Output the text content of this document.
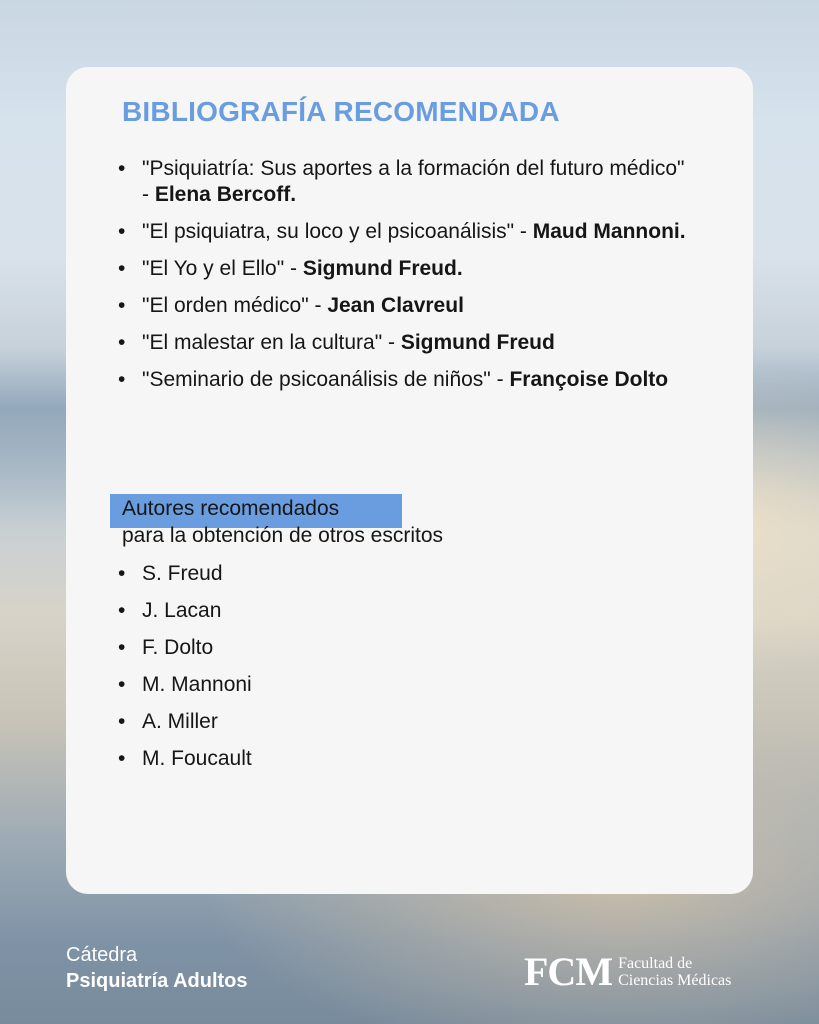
BIBLIOGRAFÍA RECOMENDADA
• "Psiquiatría: Sus aportes a la formación del futuro médico" - Elena Bercoff.
• "El psiquiatra, su loco y el psicoanálisis" - Maud Mannoni.
• "El Yo y el Ello" - Sigmund Freud.
• "El orden médico" - Jean Clavreul
• "El malestar en la cultura" - Sigmund Freud
• "Seminario de psicoanálisis de niños" - Françoise Dolto
Autores recomendados
para la obtención de otros escritos
• S. Freud
• J. Lacan
• F. Dolto
• M. Mannoni
• A. Miller
• M. Foucault
Cátedra
Psiquiatría Adultos	FCM Facultad de
Ciencias Médicas
